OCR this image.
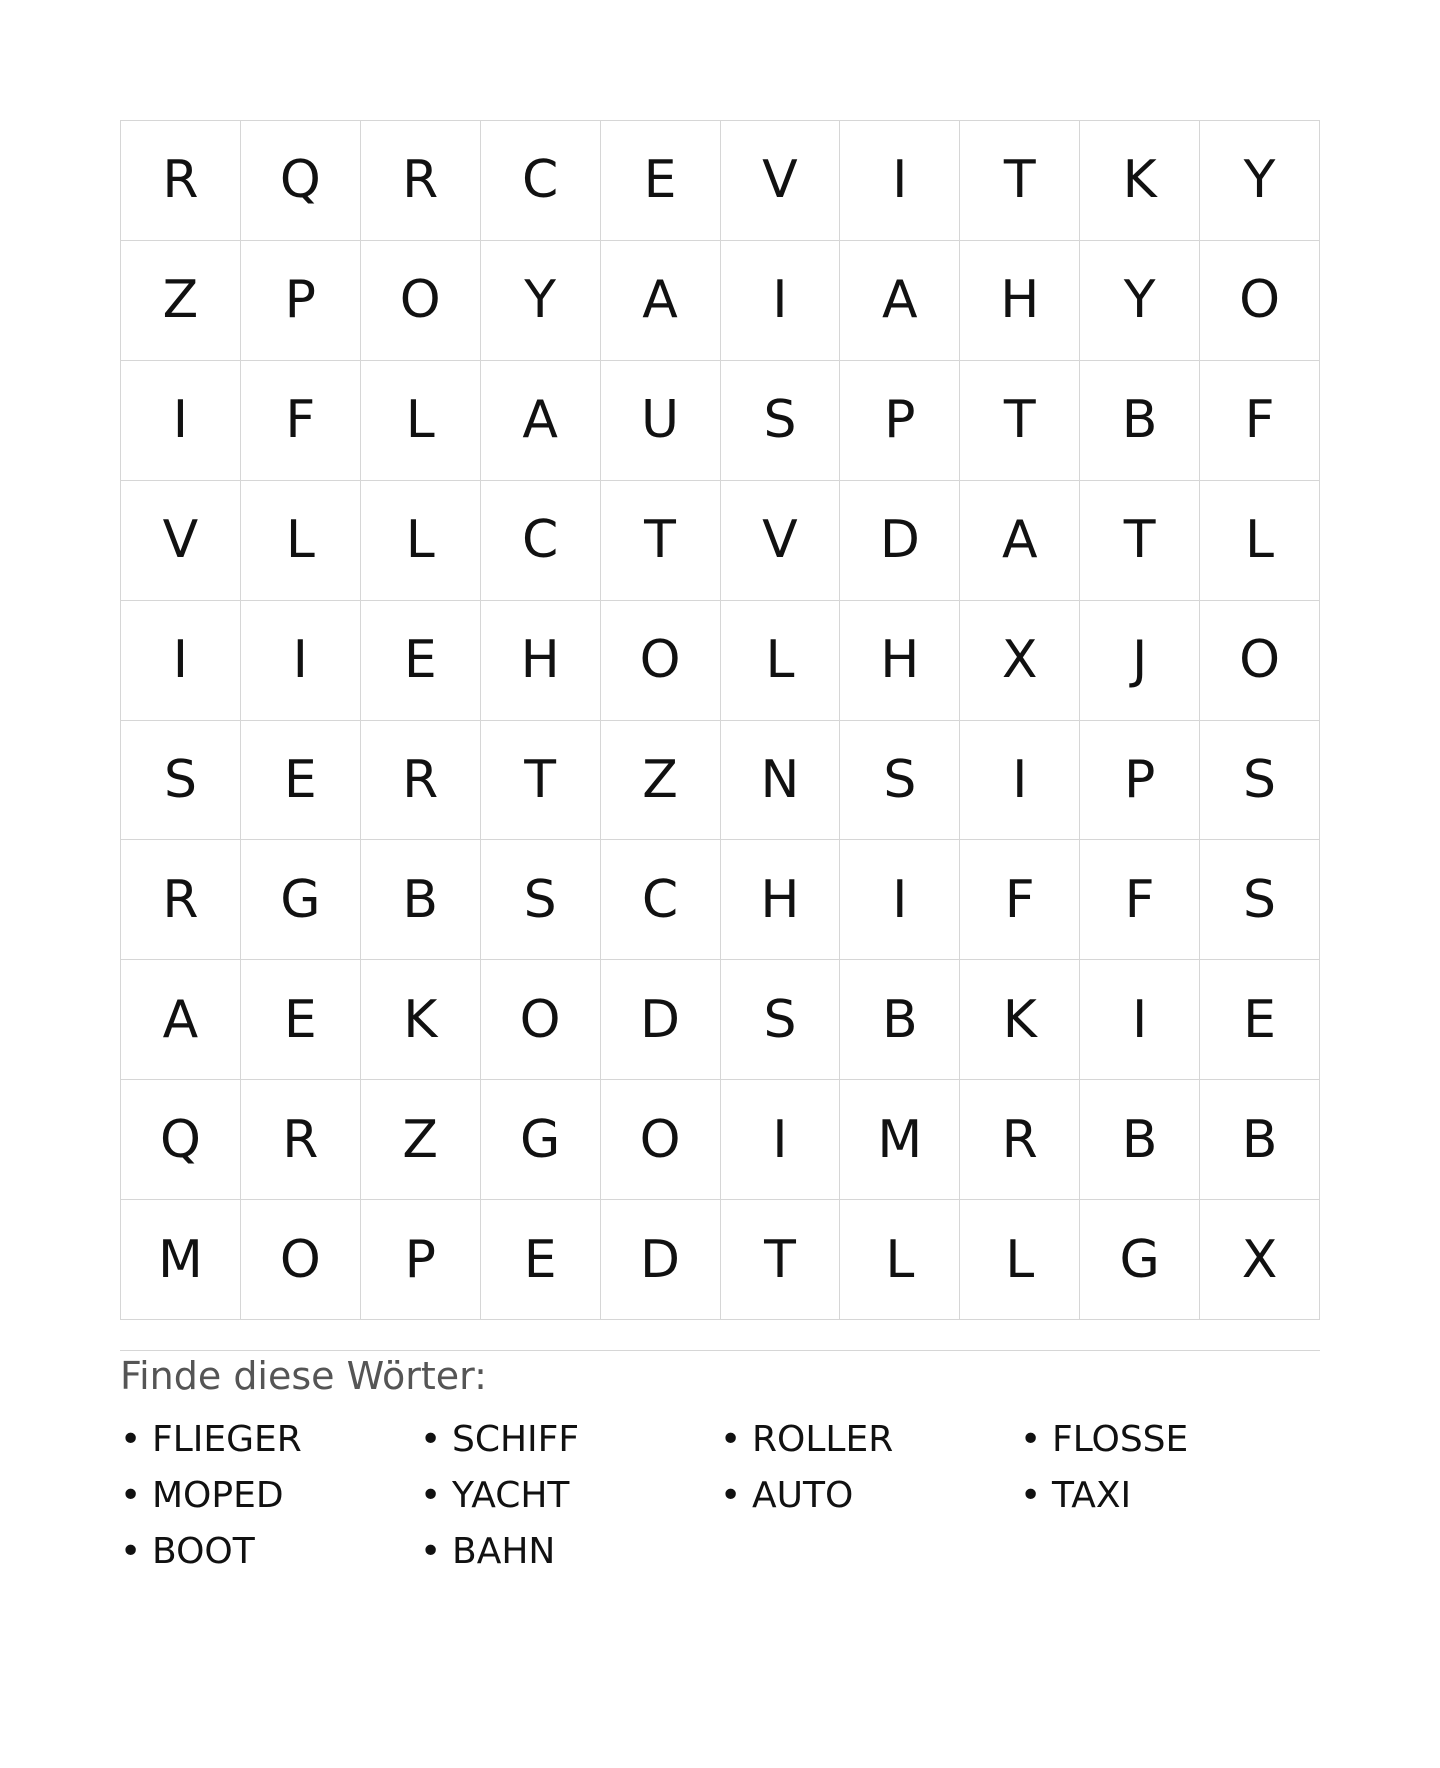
R	Q	R	C	E	V	I	T	K	Y
Z	P	O	Y	A	I	A	H	Y	O
I	F	L	A	U	S	P	T	B	F
V	L	L	C	T	V	D	A	T	L
I	I	E	H	O	L	H	X	J	O
S	E	R	T	Z	N	S	I	P	S
R	G	B	S	C	H	I	F	F	S
A	E	K	O	D	S	B	K	I	E
Q	R	Z	G	O	I	M	R	B	B
M	O	P	E	D	T	L	L	G	X
Finde diese Wörter:
• FLIEGER	• SCHIFF	• ROLLER	• FLOSSE
• MOPED	• YACHT	• AUTO	• TAXI
• BOOT	• BAHN
